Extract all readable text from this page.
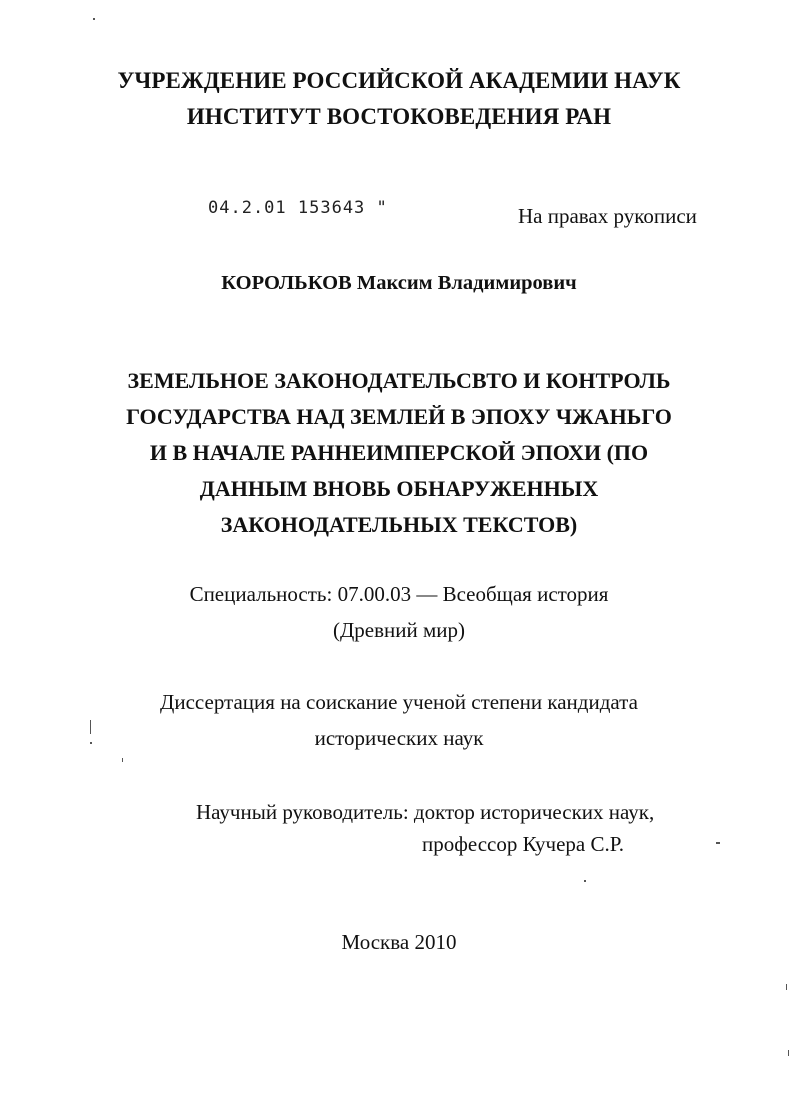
УЧРЕЖДЕНИЕ РОССИЙСКОЙ АКАДЕМИИ НАУК
ИНСТИТУТ ВОСТОКОВЕДЕНИЯ РАН
04.2.01 153643 "	На правах рукописи
КОРОЛЬКОВ Максим Владимирович
ЗЕМЕЛЬНОЕ ЗАКОНОДАТЕЛЬСВТО И КОНТРОЛЬ
ГОСУДАРСТВА НАД ЗЕМЛЕЙ В ЭПОХУ ЧЖАНЬГО
И В НАЧАЛЕ РАННЕИМПЕРСКОЙ ЭПОХИ (ПО
ДАННЫМ ВНОВЬ ОБНАРУЖЕННЫХ
ЗАКОНОДАТЕЛЬНЫХ ТЕКСТОВ)
Специальность: 07.00.03 — Всеобщая история
(Древний мир)
Диссертация на соискание ученой степени кандидата
исторических наук
Научный руководитель: доктор исторических наук,
профессор Кучера С.Р.
Москва 2010
